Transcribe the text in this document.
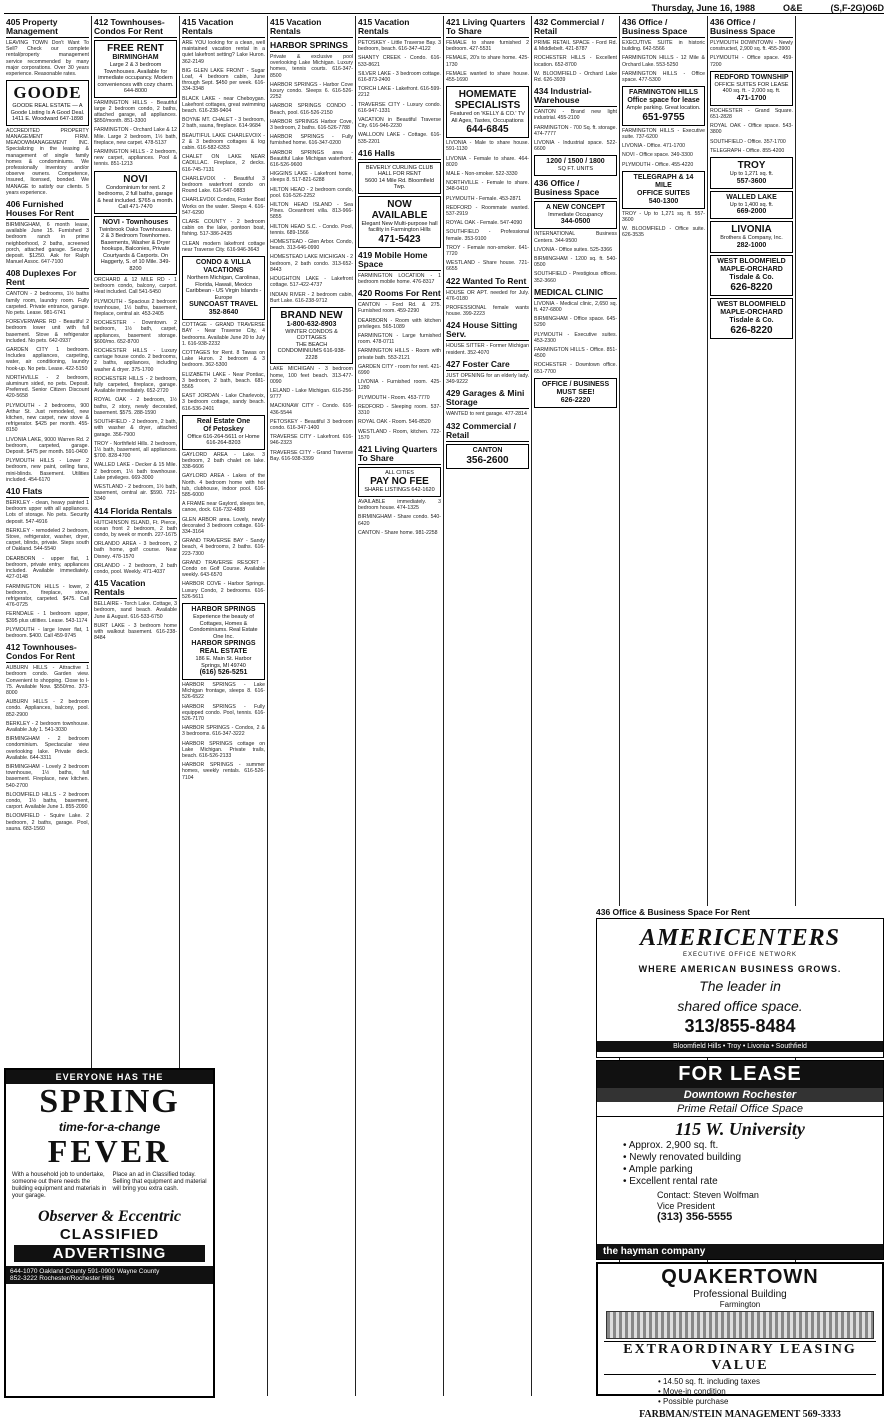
Thursday, June 16, 1988	O&E	(S,F-2G)O6D
405 Property Management
LEAVING TOWN Don't Want To Sell? Check our complete rental/property management service recommended by many major corporations. Over 30 years experience. Reasonable rates.
GOODE
GOODE REAL ESTATE — A Goode Listing Is A Good Deal. 1411 E. Woodward 647-1898
ACCREDITED PROPERTY MANAGEMENT FIRM. MEADOWMANAGEMENT INC. Specializing in the leasing & management of single family homes & condominiums. We professionally inventory and/or observe owners. Competence, Insured, licensed, bonded. We MANAGE to satisfy our clients. 5 years experience.
406 Furnished Houses For Rent
BIRMINGHAM, 6 month lease, available June 15. Furnished 3 bedroom ranch in prime neighborhood, 2 baths, screened porch, attached garage. Security deposit. $1250. Ask for Ralph Manuel Assoc. 647-7100
408 Duplexes For Rent
CANTON - 2 bedrooms, 1½ baths family room, laundry room. Fully carpeted. Private entrance, garage. No pets. Lease. 981-6741
FOREVERWARE RD - Beautiful 2 bedroom lower unit with full basement. Stove & refrigerator included. No pets. 642-0937
GARDEN CITY 1 bedroom. Includes appliances, carpeting, water, air conditioning, laundry hook-up. No pets. Lease. 422-5150
NORTHVILLE - 2 bedroom, aluminum sided, no pets. Deposit. Preferred. Senior Citizen Discount 420-5658
PLYMOUTH - 2 bedrooms, 900 Arthur St. Just remodeled, new kitchen, new carpet, new stove & refrigerator. $425 per month. 455-8150
LIVONIA LAKE, 9000 Warren Rd. 2 bedroom, carpeted, garage. Deposit. $475 per month. 591-0400
PLYMOUTH HILLS - Lower 2 bedroom, new paint, ceiling fans, mini-blinds. Basement. Utilities included. 454-6170
410 Flats
BERKLEY - clean, heavy painted 1 bedroom upper with all appliances. Lots of storage. No pets. Security deposit. 547-4916
BERKLEY - remodeled 2 bedroom, Stove, refrigerator, washer, dryer, carpet, blinds, private. Steps south of Oakland. 544-5540
DEARBORN - upper flat, 1 bedroom, private entry, appliances included. Available immediately. 427-0148
FARMINGTON HILLS - lower, 2 bedroom, fireplace, stove, refrigerator, carpeted. $475. Call 476-0725
FERNDALE - 1 bedroom upper, $395 plus utilities. Lease. 543-1174
PLYMOUTH - large lower flat, 1 bedroom. $400. Call 459-9745
412 Townhouses-Condos For Rent
AUBURN HILLS - Attractive 1 bedroom condo. Garden view. Convenient to shopping. Close to I-75. Available Now. $550/mo. 373-8000
AUBURN HILLS - 2 bedroom condo. Appliances, balcony, pool. 852-2900
BERKLEY - 2 bedroom townhouse. Available July 1. 541-3030
BIRMINGHAM - 2 bedroom condominium. Spectacular view overlooking lake. Private deck. Available. 644-3311
BIRMINGHAM - Lovely 2 bedroom townhouse, 1½ baths, full basement. Fireplace, new kitchen. 540-2700
BLOOMFIELD HILLS - 2 bedroom condo, 1½ baths, basement, carport. Available June 1. 855-2090
BLOOMFIELD - Squire Lake. 2 bedroom, 2 baths, garage. Pool, sauna. 683-1560
412 Townhouses-Condos For Rent
FREE RENT
BIRMINGHAM
Large 2 & 3 bedroom Townhouses. Available for immediate occupancy. Modern conveniences with cozy charm. 644-8000
FARMINGTON HILLS - Beautiful large 2 bedroom condo, 2 baths, attached garage, all appliances. $850/month. 851-3300
FARMINGTON - Orchard Lake & 12 Mile. Large 2 bedroom, 1½ bath, fireplace, new carpet. 478-5137
FARMINGTON HILLS - 2 bedroom, new carpet, appliances. Pool & tennis. 851-1213
NOVI
Condominium for rent. 2 bedrooms, 2 full baths, garage & heat included. $765 a month. Call 471-7470
NOVI - Townhouses
Twinbrook Oaks Townhouses. 2 & 3 Bedroom Townhomes. Basements, Washer & Dryer hookups, Balconies, Private Courtyards & Carports. On Haggerty, S. of 10 Mile. 349-8200
ORCHARD & 12 MILE RD - 1 bedroom condo, balcony, carport. Heat included. Call 541-5450
PLYMOUTH - Spacious 2 bedroom townhouse, 1½ baths, basement, fireplace, central air. 453-2405
ROCHESTER - Downtown. 2 bedroom, 1½ bath, carpet, appliances, basement storage. $600/mo. 652-8700
ROCHESTER HILLS - Luxury carriage house condo. 2 bedrooms, 2 baths, appliances, including washer & dryer. 375-1700
ROCHESTER HILLS - 2 bedroom, fully carpeted, fireplace, garage. Available immediately. 652-2720
ROYAL OAK - 2 bedroom, 1½ baths, 2 story, newly decorated, basement. $575. 288-1590
SOUTHFIELD - 2 bedroom, 2 bath, with washer & dryer, attached garage. 356-7900
TROY - Northfield Hills. 2 bedroom, 1½ bath, basement, all appliances. $700. 828-4700
WALLED LAKE - Decker & 15 Mile. 2 bedroom, 1½ bath townhouse. Lake privileges. 669-3000
WESTLAND - 2 bedroom, 1½ bath, basement, central air. $590. 721-3340
414 Florida Rentals
HUTCHINSON ISLAND, Ft. Pierce, ocean front 2 bedroom, 2 bath condo, by week or month. 227-1675
ORLANDO AREA - 3 bedroom, 2 bath home, golf course. Near Disney. 478-1570
ORLANDO - 2 bedroom, 2 bath condo, pool. Weekly. 471-4037
415 Vacation Rentals
BELLAIRE - Torch Lake. Cottage, 3 bedroom, sand beach. Available June & August. 616-533-6750
BURT LAKE - 3 bedroom home with walkout basement. 616-238-8484
415 Vacation Rentals
ARE YOU looking for a clean, well maintained vacation rental in a quiet lakefront setting? Lake Huron. 362-2149
BIG GLEN LAKE FRONT - Sugar Loaf, 4 bedroom cabin, June through Sept. $450 per week. 616-334-3348
BLACK LAKE - near Cheboygan. Lakefront cottages, great swimming beach. 616-238-9404
BOYNE MT. CHALET - 3 bedroom, 2 bath, sauna, fireplace. 614-9684
BEAUTIFUL LAKE CHARLEVOIX - 2 & 3 bedroom cottages & log cabin. 616-582-6353
CHALET ON LAKE NEAR CADILLAC. Fireplace, 2 decks. 616-745-7131
CHARLEVOIX - Beautiful 3 bedroom waterfront condo on Round Lake. 616-547-0883
CHARLEVOIX Condos, Foster Boat Works on the water. Sleeps 4. 616-547-6290
CLARE COUNTY - 2 bedroom cabin on the lake, pontoon boat, fishing. 517-386-2435
CLEAN modern lakefront cottage near Traverse City. 616-946-3643
CONDO & VILLA VACATIONS
Northern Michigan, Carolinas, Florida, Hawaii, Mexico
Caribbean - US Virgin Islands - Europe
SUNCOAST TRAVEL
352-8640
COTTAGE - GRAND TRAVERSE BAY - Near Traverse City, 4 bedrooms. Available June 20 to July 1. 616-938-2232
COTTAGES for Rent. 8 Tawas on Lake Huron. 2 bedroom & 3 bedroom. 362-5300
ELIZABETH LAKE - Near Pontiac, 3 bedroom, 2 bath, beach. 681-5565
EAST JORDAN - Lake Charlevoix, 3 bedroom cottage, sandy beach. 616-536-2401
Real Estate One
Of Petoskey
Office 616-264-5611 or Home 616-264-8203
GAYLORD AREA - Lake. 3 bedroom, 2 bath chalet on lake. 338-6606
GAYLORD AREA - Lakes of the North. 4 bedroom home with hot tub, clubhouse, indoor pool. 616-585-6000
A FRAME near Gaylord, sleeps ten, canoe, dock. 616-732-4888
GLEN ARBOR area. Lovely, newly decorated 3 bedroom cottage. 616-334-3164
GRAND TRAVERSE BAY - Sandy beach, 4 bedrooms, 2 baths. 616-223-7300
GRAND TRAVERSE RESORT - Condo on Golf Course. Available weekly. 643-6570
HARBOR COVE - Harbor Springs. Luxury Condo, 2 bedrooms. 616-526-5611
HARBOR SPRINGS
Experience the beauty of Cottages, Homes & Condominiums. Real Estate One Inc.
HARBOR SPRINGS REAL ESTATE
186 E. Main St. Harbor Springs, MI 49740
(616) 526-5251
HARBOR SPRINGS - Lake Michigan frontage, sleeps 8. 616-526-6522
HARBOR SPRINGS - Fully equipped condo. Pool, tennis. 616-526-7170
HARBOR SPRINGS - Condos, 2 & 3 bedrooms. 616-347-3222
HARBOR SPRINGS cottage on Lake Michigan. Private trails, beach. 616-526-2133
HARBOR SPRINGS - summer homes, weekly rentals. 616-526-7104
415 Vacation Rentals
HARBOR SPRINGS
Private & exclusive pool overlooking Lake Michigan. Luxury homes, tennis courts. 616-347-8500
HARBOR SPRINGS - Harbor Cove luxury condo. Sleeps 6. 616-526-2252
HARBOR SPRINGS CONDO - Beach, pool. 616-526-2150
HARBOR SPRINGS Harbor Cove, 3 bedroom, 2 baths. 616-526-7788
HARBOR SPRINGS - Fully furnished home. 616-347-0200
HARBOR SPRINGS area - Beautiful Lake Michigan waterfront. 616-526-9600
HIGGINS LAKE - Lakefront home, sleeps 8. 517-821-6288
HILTON HEAD - 2 bedroom condo, pool. 616-526-2252
HILTON HEAD ISLAND - Sea Pines. Oceanfront villa. 813-966-5855
HILTON HEAD S.C. - Condo. Pool, tennis. 689-1566
HOMESTEAD - Glen Arbor. Condo, beach. 313-646-0990
HOMESTEAD LAKE MICHIGAN - 2 bedroom, 2 bath condo. 313-652-8443
HOUGHTON LAKE - Lakefront cottage. 517-422-4737
INDIAN RIVER - 2 bedroom cabin, Burt Lake. 616-238-9712
BRAND NEW
1-800-632-8903
WINTER CONDOS & COTTAGES
THE BEACH CONDOMINIUMS 616-938-2228
LAKE MICHIGAN - 3 bedroom home, 100 feet beach. 313-477-0090
LELAND - Lake Michigan. 616-256-9777
MACKINAW CITY - Condo. 616-436-5544
PETOSKEY - Beautiful 3 bedroom condo. 616-347-1400
TRAVERSE CITY - Lakefront. 616-946-2323
TRAVERSE CITY - Grand Traverse Bay. 616-938-3399
415 Vacation Rentals
PETOSKEY - Little Traverse Bay. 3 bedroom, beach. 616-347-4122
SHANTY CREEK - Condo. 616-533-8621
SILVER LAKE - 3 bedroom cottage. 616-873-2400
TORCH LAKE - Lakefront. 616-599-2212
TRAVERSE CITY - Luxury condo. 616-947-1331
VACATION in Beautiful Traverse City. 616-946-2230
WALLOON LAKE - Cottage. 616-535-2201
416 Halls
BEVERLY CURLING CLUB HALL FOR RENT
5600 14 Mile Rd. Bloomfield Twp.
NOW AVAILABLE
Elegant New Multi-purpose hall facility in Farmington Hills
471-5423
419 Mobile Home Space
FARMINGTON LOCATION - 1 bedroom mobile home. 476-8317
420 Rooms For Rent
CANTON - Ford Rd. & 275. Furnished room. 459-2290
DEARBORN - Room with kitchen privileges. 565-1089
FARMINGTON - Large furnished room. 478-0711
FARMINGTON HILLS - Room with private bath. 553-2121
GARDEN CITY - room for rent. 421-6990
LIVONIA - Furnished room. 425-1280
PLYMOUTH - Room. 453-7770
REDFORD - Sleeping room. 537-3310
ROYAL OAK - Room. 546-8520
WESTLAND - Room, kitchen. 722-1570
421 Living Quarters To Share
ALL CITIES
PAY NO FEE
SHARE LISTINGS 642-1620
AVAILABLE immediately. 3 bedroom house. 474-1325
BIRMINGHAM - Share condo. 540-6420
CANTON - Share home. 981-2258
421 Living Quarters To Share
FEMALE to share furnished 2 bedroom. 427-5531
FEMALE, 20's to share home. 425-1730
FEMALE wanted to share house. 455-1690
HOMEMATE SPECIALISTS
Featured on 'KELLY & CO.' TV
All Ages, Tastes, Occupations
644-6845
LIVONIA - Male to share house. 591-1130
LIVONIA - Female to share. 464-8020
MALE - Non-smoker. 522-3330
NORTHVILLE - Female to share. 348-0410
PLYMOUTH - Female. 453-2871
REDFORD - Roommate wanted. 537-2919
ROYAL OAK - Female. 547-4090
SOUTHFIELD - Professional female. 353-9100
TROY - Female non-smoker. 641-7720
WESTLAND - Share house. 721-6655
422 Wanted To Rent
HOUSE OR APT. needed for July. 476-0180
PROFESSIONAL female wants house. 399-2223
424 House Sitting Serv.
HOUSE SITTER - Former Michigan resident. 352-4070
427 Foster Care
JUST OPENING for an elderly lady. 349-9222
429 Garages & Mini Storage
WANTED to rent garage. 477-2814
432 Commercial / Retail
CANTON
356-2600
432 Commercial / Retail
PRIME RETAIL SPACE - Ford Rd. & Middlebelt. 421-8787
ROCHESTER HILLS - Excellent location. 652-8700
W. BLOOMFIELD - Orchard Lake Rd. 626-3939
434 Industrial-Warehouse
CANTON - Brand new light industrial. 455-2100
FARMINGTON - 700 Sq. ft. storage. 474-7777
LIVONIA - Industrial space. 522-6600
1200 / 1500 / 1800
SQ FT. UNITS
436 Office / Business Space
A NEW CONCEPT
Immediate Occupancy
344-0500
INTERNATIONAL Business Centers. 344-9500
LIVONIA - Office suites. 525-3366
BIRMINGHAM - 1200 sq. ft. 540-0500
SOUTHFIELD - Prestigious offices. 352-3660
MEDICAL CLINIC
LIVONIA - Medical clinic, 2,650 sq. ft. 427-6800
BIRMINGHAM - Office space. 645-5290
PLYMOUTH - Executive suites. 453-2300
FARMINGTON HILLS - Office. 851-4500
ROCHESTER - Downtown office. 651-7700
OFFICE / BUSINESS
MUST SEE!
626-2220
436 Office / Business Space
EXECUTIVE SUITE in historic building. 642-5566
FARMINGTON HILLS - 12 Mile & Orchard Lake. 553-5250
FARMINGTON HILLS - Office space. 477-5300
FARMINGTON HILLS
Office space for lease
Ample parking. Great location.
651-9755
FARMINGTON HILLS - Executive suite. 737-6200
LIVONIA - Office. 471-1700
NOVI - Office space. 349-3300
PLYMOUTH - Office. 455-4220
TELEGRAPH & 14 MILE
OFFICE SUITES
540-1300
TROY - Up to 1,271 sq. ft. 557-3600
W. BLOOMFIELD - Office suite. 626-3535
436 Office / Business Space
PLYMOUTH DOWNTOWN - Newly constructed, 2,900 sq. ft. 455-3900
PLYMOUTH - Office space. 459-7200
REDFORD TOWNSHIP
OFFICE SUITES FOR LEASE
400 sq. ft. - 2,000 sq. ft.
471-1700
ROCHESTER - Grand Square. 651-2828
ROYAL OAK - Office space. 543-3800
SOUTHFIELD - Office. 357-1700
TELEGRAPH - Office. 855-4200
TROY
Up to 1,271 sq. ft.
557-3600
WALLED LAKE
Up to 1,400 sq. ft.
669-2000
LIVONIA
Brothers & Company, Inc.
282-1000
WEST BLOOMFIELD
MAPLE-ORCHARD
Tisdale & Co.
626-8220
WEST BLOOMFIELD
MAPLE-ORCHARD
Tisdale & Co.
626-8220
436 Office & Business Space For Rent
AMERICENTERS
EXECUTIVE OFFICE NETWORK
WHERE AMERICAN BUSINESS GROWS.
The leader in
shared office space.
313/855-8484
Bloomfield Hills • Troy • Livonia • Southfield
FOR LEASE
Downtown Rochester
Prime Retail Office Space
115 W. University
• Approx. 2,900 sq. ft.
• Newly renovated building
• Ample parking
• Excellent rental rate
Contact: Steven Wolfman
Vice President
(313) 356-5555
the hayman company
QUAKERTOWN
Professional Building
Farmington
EXTRAORDINARY LEASING VALUE
• 14.50 sq. ft. including taxes
• Move-in condition
• Possible purchase
FARBMAN/STEIN MANAGEMENT 569-3333
EVERYONE HAS THE
SPRING
time-for-a-change
FEVER
With a household job to undertake, someone out there needs the building equipment and materials in your garage.
Place an ad in Classified today. Selling that equipment and material will bring you extra cash.
Observer & Eccentric
CLASSIFIED
ADVERTISING
644-1070 Oakland County 591-0900 Wayne County
852-3222 Rochester/Rochester Hills
